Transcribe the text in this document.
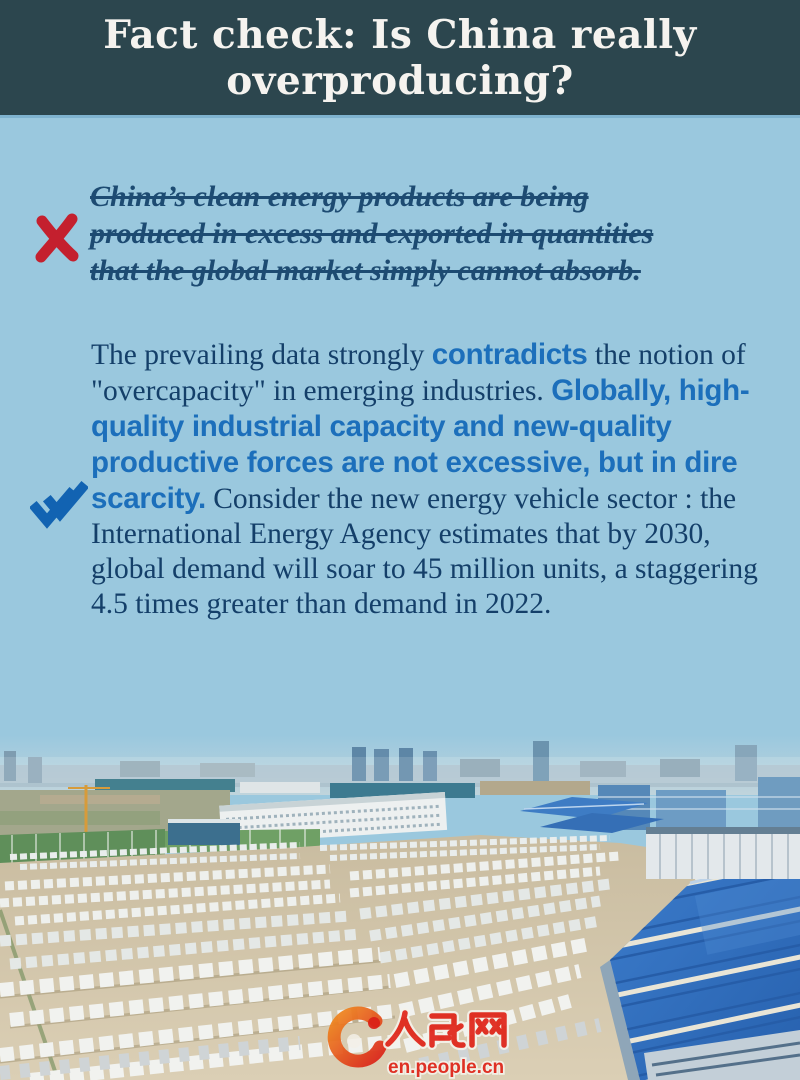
Fact check: Is China really
overproducing?
China’s clean energy products are being
produced in excess and exported in quantities
that the global market simply cannot absorb.
The prevailing data strongly contradicts the notion of "overcapacity" in emerging industries. Globally, high-quality industrial capacity and new-quality productive forces are not excessive, but in dire scarcity. Consider the new energy vehicle sector : the International Energy Agency estimates that by 2030, global demand will soar to 45 million units, a staggering 4.5 times greater than demand in 2022.
en.people.cn
